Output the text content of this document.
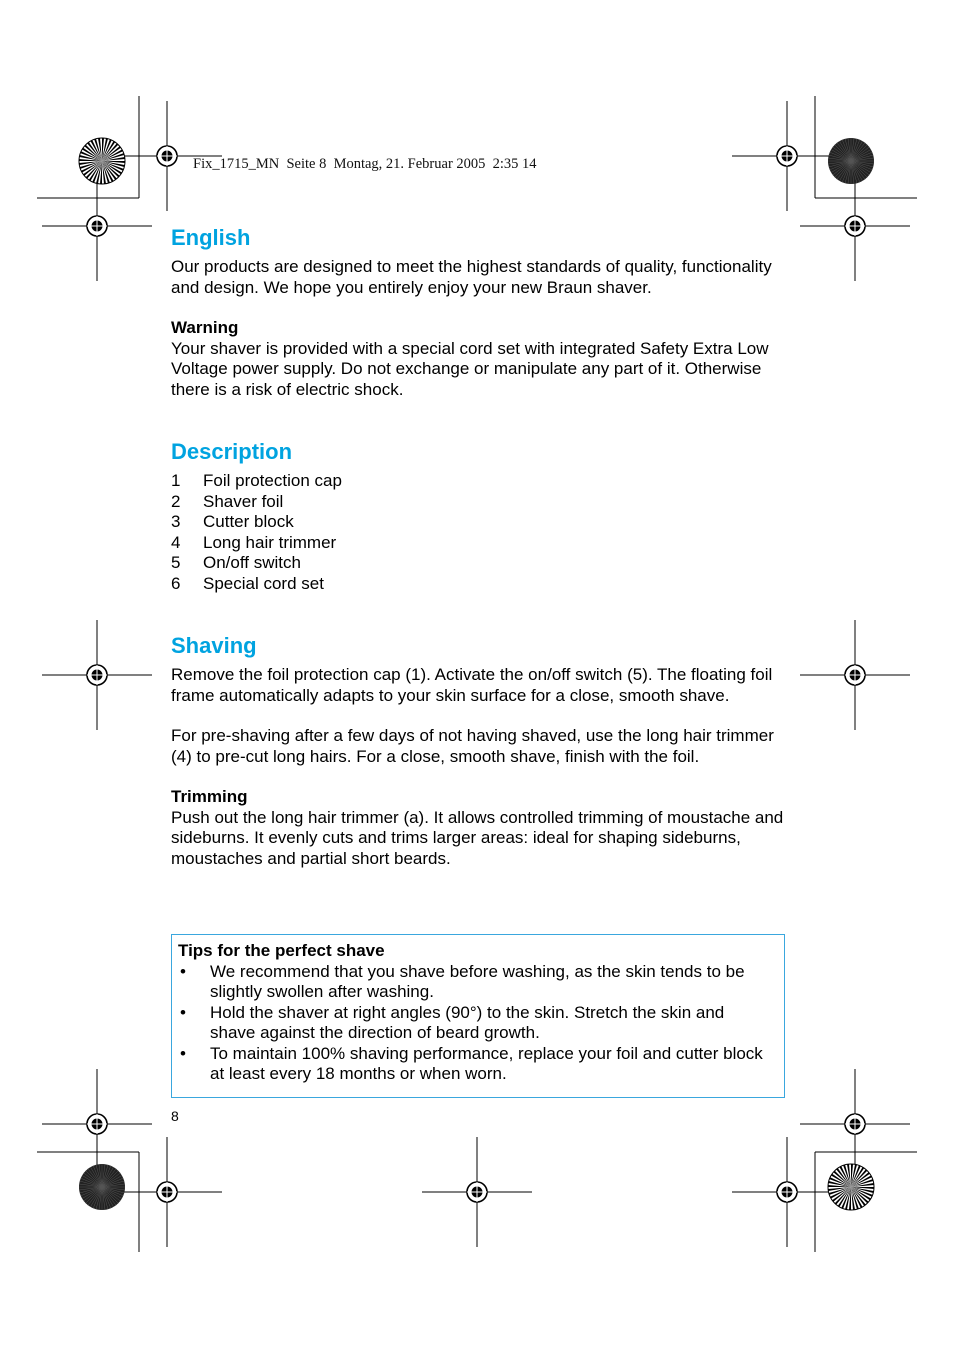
Fix_1715_MN  Seite 8  Montag, 21. Februar 2005  2:35 14
English

Our products are designed to meet the highest standards of quality, functionality and design. We hope you entirely enjoy your new Braun shaver.

Warning

Your shaver is provided with a special cord set with integrated Safety Extra Low Voltage power supply. Do not exchange or manipulate any part of it. Otherwise there is a risk of electric shock.

Description
1	Foil protection cap
2	Shaver foil
3	Cutter block
4	Long hair trimmer
5	On/off switch
6	Special cord set
Shaving

Remove the foil protection cap (1). Activate the on/off switch (5). The floating foil frame automatically adapts to your skin surface for a close, smooth shave.

For pre-shaving after a few days of not having shaved, use the long hair trimmer (4) to pre-cut long hairs. For a close, smooth shave, finish with the foil.

Trimming

Push out the long hair trimmer (a). It allows controlled trimming of moustache and sideburns. It evenly cuts and trims larger areas: ideal for shaping sideburns, moustaches and partial short beards.

Tips for the perfect shave

•	We recommend that you shave before washing, as the skin tends to be slightly swollen after washing.
•	Hold the shaver at right angles (90°) to the skin. Stretch the skin and shave against the direction of beard growth.
•	To maintain 100% shaving performance, replace your foil and cutter block at least every 18 months or when worn.
8
